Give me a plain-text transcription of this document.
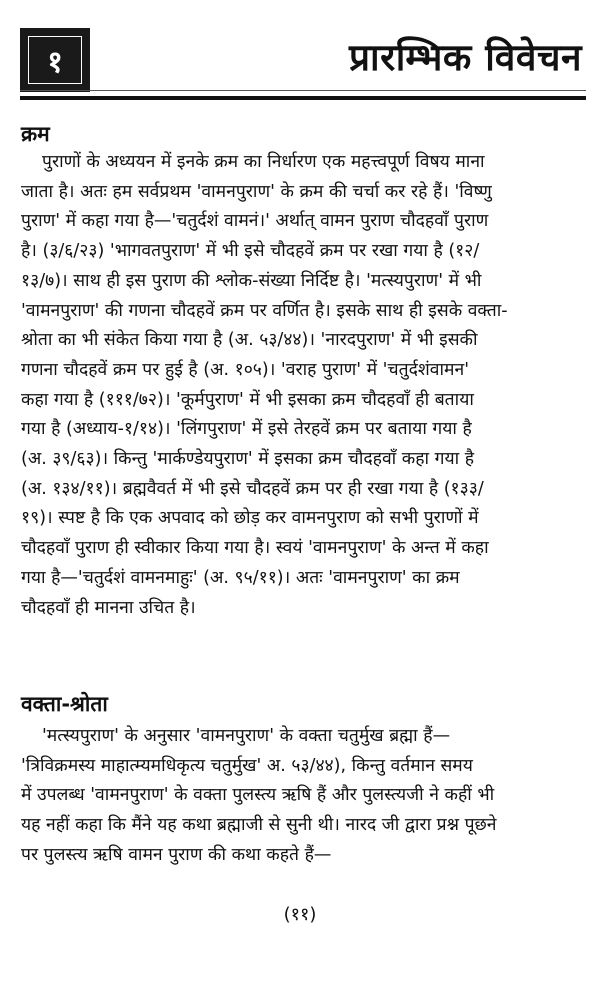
१	प्रारम्भिक विवेचन
क्रम
पुराणों के अध्ययन में इनके क्रम का निर्धारण एक महत्त्वपूर्ण विषय माना
जाता है। अतः हम सर्वप्रथम 'वामनपुराण' के क्रम की चर्चा कर रहे हैं। 'विष्णु
पुराण' में कहा गया है—'चतुर्दशं वामनं।' अर्थात् वामन पुराण चौदहवाँ पुराण
है। (३/६/२३) 'भागवतपुराण' में भी इसे चौदहवें क्रम पर रखा गया है (१२/
१३/७)। साथ ही इस पुराण की श्लोक-संख्या निर्दिष्ट है। 'मत्स्यपुराण' में भी
'वामनपुराण' की गणना चौदहवें क्रम पर वर्णित है। इसके साथ ही इसके वक्ता-
श्रोता का भी संकेत किया गया है (अ. ५३/४४)। 'नारदपुराण' में भी इसकी
गणना चौदहवें क्रम पर हुई है (अ. १०५)। 'वराह पुराण' में 'चतुर्दशंवामन'
कहा गया है (१११/७२)। 'कूर्मपुराण' में भी इसका क्रम चौदहवाँ ही बताया
गया है (अध्याय-१/१४)। 'लिंगपुराण' में इसे तेरहवें क्रम पर बताया गया है
(अ. ३९/६३)। किन्तु 'मार्कण्डेयपुराण' में इसका क्रम चौदहवाँ कहा गया है
(अ. १३४/११)। ब्रह्मवैवर्त में भी इसे चौदहवें क्रम पर ही रखा गया है (१३३/
१९)। स्पष्ट है कि एक अपवाद को छोड़ कर वामनपुराण को सभी पुराणों में
चौदहवाँ पुराण ही स्वीकार किया गया है। स्वयं 'वामनपुराण' के अन्त में कहा
गया है—'चतुर्दशं वामनमाहुः' (अ. ९५/११)। अतः 'वामनपुराण' का क्रम
चौदहवाँ ही मानना उचित है।
वक्ता-श्रोता
'मत्स्यपुराण' के अनुसार 'वामनपुराण' के वक्ता चतुर्मुख ब्रह्मा हैं—
'त्रिविक्रमस्य माहात्म्यमधिकृत्य चतुर्मुख' अ. ५३/४४), किन्तु वर्तमान समय
में उपलब्ध 'वामनपुराण' के वक्ता पुलस्त्य ऋषि हैं और पुलस्त्यजी ने कहीं भी
यह नहीं कहा कि मैंने यह कथा ब्रह्माजी से सुनी थी। नारद जी द्वारा प्रश्न पूछने
पर पुलस्त्य ऋषि वामन पुराण की कथा कहते हैं—
(११)
